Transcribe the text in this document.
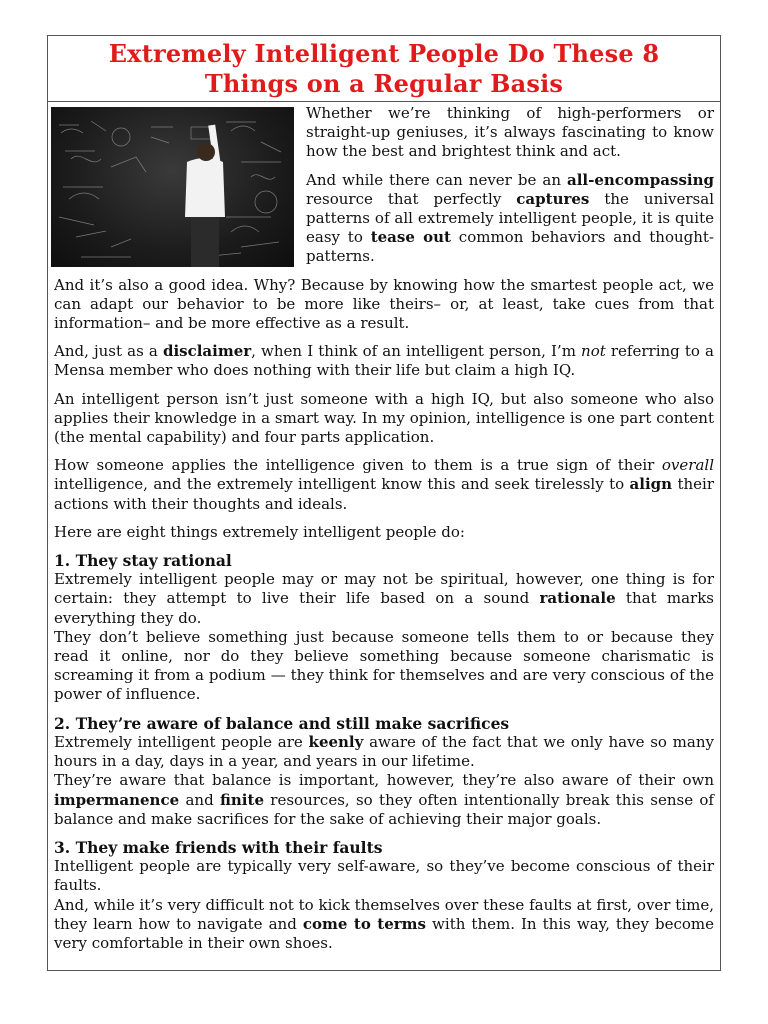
Extremely Intelligent People Do These 8
Things on a Regular Basis

Whether we’re thinking of high-performers or straight-up geniuses, it’s always fascinating to know how the best and brightest think and act.

And while there can never be an all-encompassing resource that perfectly captures the universal patterns of all extremely intelligent people, it is quite easy to tease out common behaviors and thought-patterns.

And it’s also a good idea. Why? Because by knowing how the smartest people act, we can adapt our behavior to be more like theirs– or, at least, take cues from that information– and be more effective as a result.

And, just as a disclaimer, when I think of an intelligent person, I’m not referring to a Mensa member who does nothing with their life but claim a high IQ.

An intelligent person isn’t just someone with a high IQ, but also someone who also applies their knowledge in a smart way. In my opinion, intelligence is one part content (the mental capability) and four parts application.

How someone applies the intelligence given to them is a true sign of their overall intelligence, and the extremely intelligent know this and seek tirelessly to align their actions with their thoughts and ideals.

Here are eight things extremely intelligent people do:

1. They stay rational

Extremely intelligent people may or may not be spiritual, however, one thing is for certain: they attempt to live their life based on a sound rationale that marks everything they do.

They don’t believe something just because someone tells them to or because they read it online, nor do they believe something because someone charismatic is screaming it from a podium — they think for themselves and are very conscious of the power of influence.

2. They’re aware of balance and still make sacrifices

Extremely intelligent people are keenly aware of the fact that we only have so many hours in a day, days in a year, and years in our lifetime.

They’re aware that balance is important, however, they’re also aware of their own impermanence and finite resources, so they often intentionally break this sense of balance and make sacrifices for the sake of achieving their major goals.

3. They make friends with their faults

Intelligent people are typically very self-aware, so they’ve become conscious of their faults.

And, while it’s very difficult not to kick themselves over these faults at first, over time, they learn how to navigate and come to terms with them. In this way, they become very comfortable in their own shoes.
